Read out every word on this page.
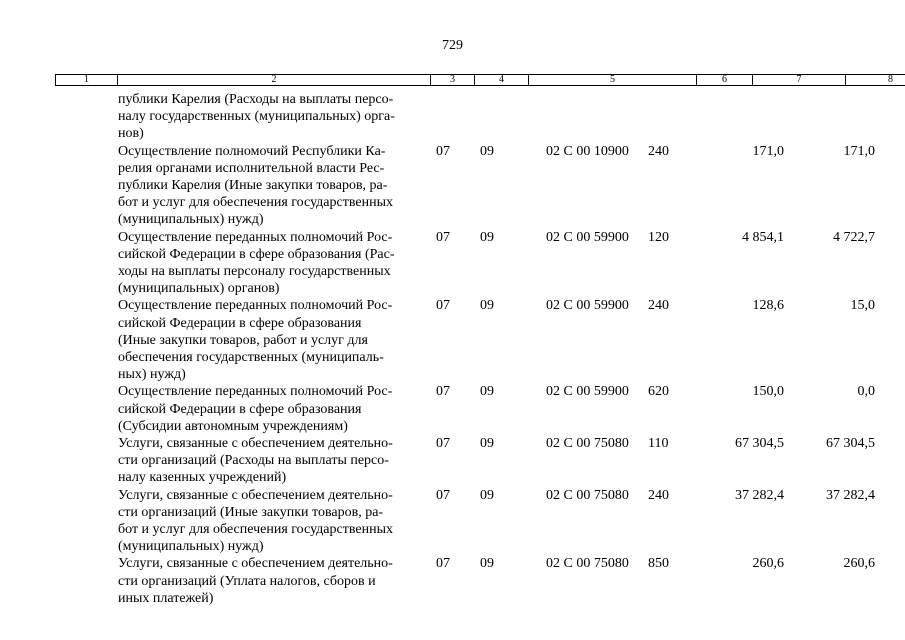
729
1	2	3	4	5	6	7	8
публики Карелия (Расходы на выплаты персо-
налу государственных (муниципальных) орга-
нов)
Осуществление полномочий Республики Ка-
релия органами исполнительной власти Рес-
публики Карелия (Иные закупки товаров, ра-
бот и услуг для обеспечения государственных
(муниципальных) нужд)
07 09	02 С 00 10900 240	171,0	171,0
Осуществление переданных полномочий Рос-
сийской Федерации в сфере образования (Рас-
ходы на выплаты персоналу государственных
(муниципальных) органов)
07 09	02 С 00 59900 120	4 854,1	4 722,7
Осуществление переданных полномочий Рос-
сийской Федерации в сфере образования
(Иные закупки товаров, работ и услуг для
обеспечения государственных (муниципаль-
ных) нужд)
07 09	02 С 00 59900 240	128,6	15,0
Осуществление переданных полномочий Рос-
сийской Федерации в сфере образования
(Субсидии автономным учреждениям)
07 09	02 С 00 59900 620	150,0	0,0
Услуги, связанные с обеспечением деятельно-
сти организаций (Расходы на выплаты персо-
налу казенных учреждений)
07 09	02 С 00 75080 110	67 304,5	67 304,5
Услуги, связанные с обеспечением деятельно-
сти организаций (Иные закупки товаров, ра-
бот и услуг для обеспечения государственных
(муниципальных) нужд)
07 09	02 С 00 75080 240	37 282,4	37 282,4
Услуги, связанные с обеспечением деятельно-
сти организаций (Уплата налогов, сборов и
иных платежей)
07 09	02 С 00 75080 850	260,6	260,6
